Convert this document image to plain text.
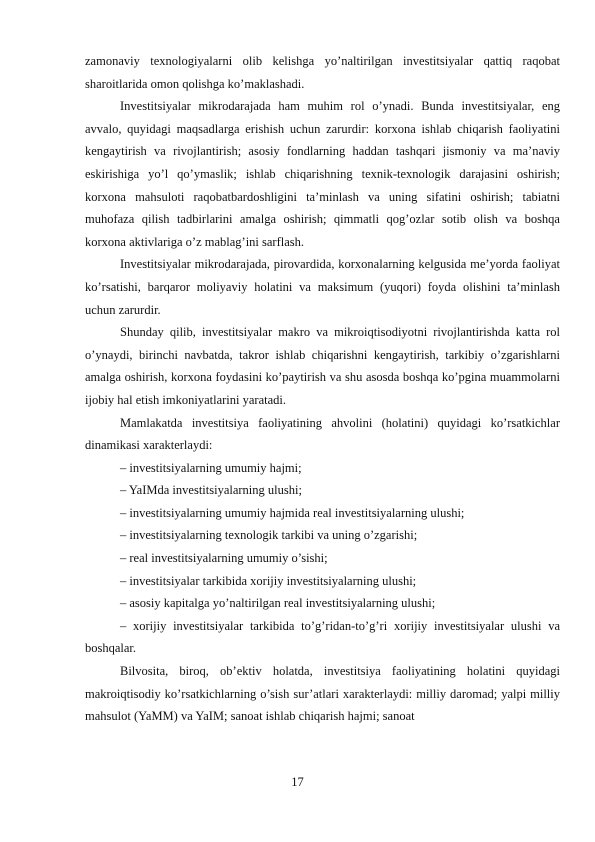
zamonaviy texnologiyalarni olib kelishga yo’naltirilgan investitsiyalar qattiq raqobat sharoitlarida omon qolishga ko’maklashadi.

Investitsiyalar mikrodarajada ham muhim rol o’ynadi. Bunda investitsiyalar, eng avvalo, quyidagi maqsadlarga erishish uchun zarurdir: korxona ishlab chiqarish faoliyatini kengaytirish va rivojlantirish; asosiy fondlarning haddan tashqari jismoniy va ma’naviy eskirishiga yo’l qo’ymaslik; ishlab chiqarishning texnik-texnologik darajasini oshirish; korxona mahsuloti raqobatbardoshligini ta’minlash va uning sifatini oshirish; tabiatni muhofaza qilish tadbirlarini amalga oshirish; qimmatli qog’ozlar sotib olish va boshqa korxona aktivlariga o’z mablag’ini sarflash.

Investitsiyalar mikrodarajada, pirovardida, korxonalarning kelgusida me’yorda faoliyat ko’rsatishi, barqaror moliyaviy holatini va maksimum (yuqori) foyda olishini ta’minlash uchun zarurdir.

Shunday qilib, investitsiyalar makro va mikroiqtisodiyotni rivojlantirishda katta rol o’ynaydi, birinchi navbatda, takror ishlab chiqarishni kengaytirish, tarkibiy o’zgarishlarni amalga oshirish, korxona foydasini ko’paytirish va shu asosda boshqa ko’pgina muammolarni ijobiy hal etish imkoniyatlarini yaratadi.

Mamlakatda investitsiya faoliyatining ahvolini (holatini) quyidagi ko’rsatkichlar dinamikasi xarakterlaydi:

– investitsiyalarning umumiy hajmi;

– YaIMda investitsiyalarning ulushi;

– investitsiyalarning umumiy hajmida real investitsiyalarning ulushi;

– investitsiyalarning texnologik tarkibi va uning o’zgarishi;

– real investitsiyalarning umumiy o’sishi;

– investitsiyalar tarkibida xorijiy investitsiyalarning ulushi;

– asosiy kapitalga yo’naltirilgan real investitsiyalarning ulushi;

– xorijiy investitsiyalar tarkibida to’g’ridan-to’g’ri xorijiy investitsiyalar ulushi va boshqalar.

Bilvosita, biroq, ob’ektiv holatda, investitsiya faoliyatining holatini quyidagi makroiqtisodiy ko’rsatkichlarning o’sish sur’atlari xarakterlaydi: milliy daromad; yalpi milliy mahsulot (YaMM) va YaIM; sanoat ishlab chiqarish hajmi; sanoat

17
